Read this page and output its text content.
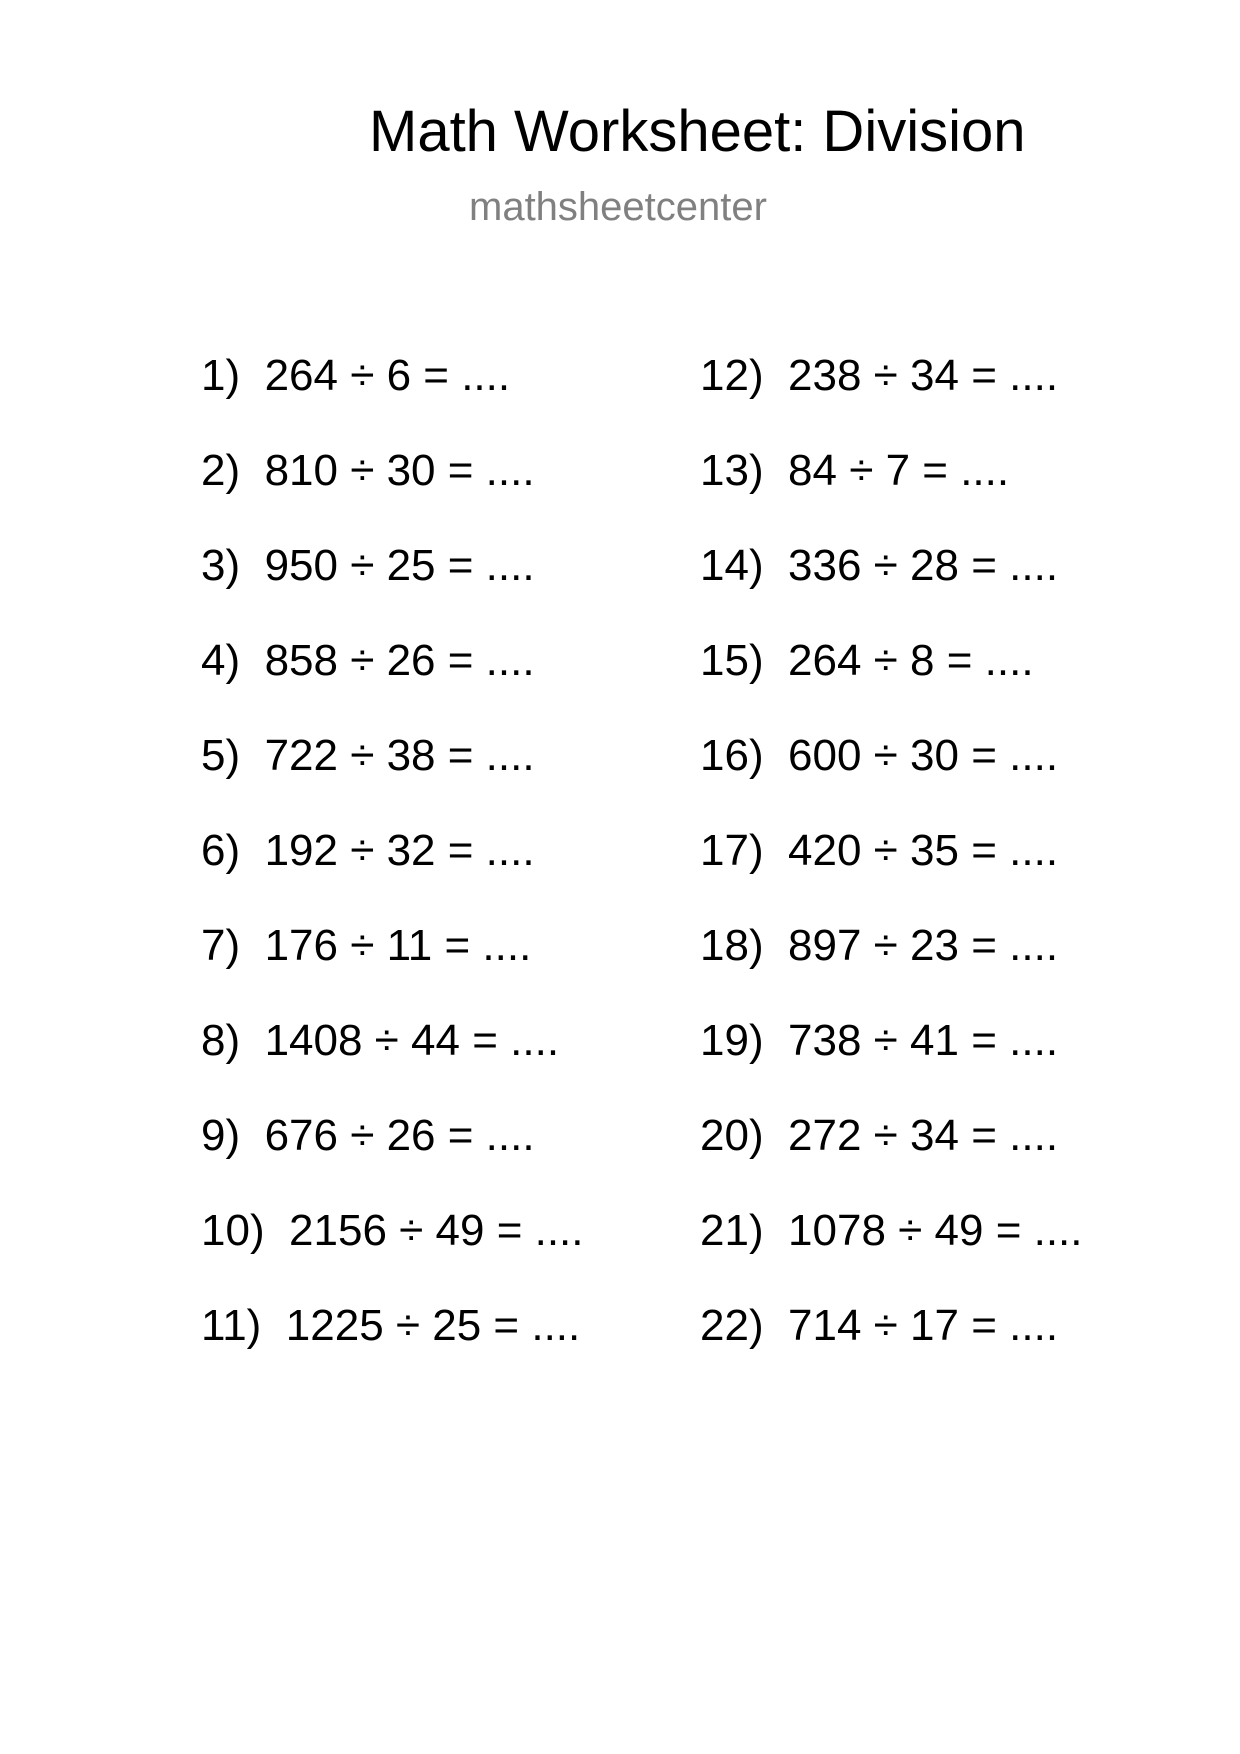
Math Worksheet: Division
mathsheetcenter
1)  264 ÷ 6 = ....
2)  810 ÷ 30 = ....
3)  950 ÷ 25 = ....
4)  858 ÷ 26 = ....
5)  722 ÷ 38 = ....
6)  192 ÷ 32 = ....
7)  176 ÷ 11 = ....
8)  1408 ÷ 44 = ....
9)  676 ÷ 26 = ....
10)  2156 ÷ 49 = ....
11)  1225 ÷ 25 = ....
12)  238 ÷ 34 = ....
13)  84 ÷ 7 = ....
14)  336 ÷ 28 = ....
15)  264 ÷ 8 = ....
16)  600 ÷ 30 = ....
17)  420 ÷ 35 = ....
18)  897 ÷ 23 = ....
19)  738 ÷ 41 = ....
20)  272 ÷ 34 = ....
21)  1078 ÷ 49 = ....
22)  714 ÷ 17 = ....
